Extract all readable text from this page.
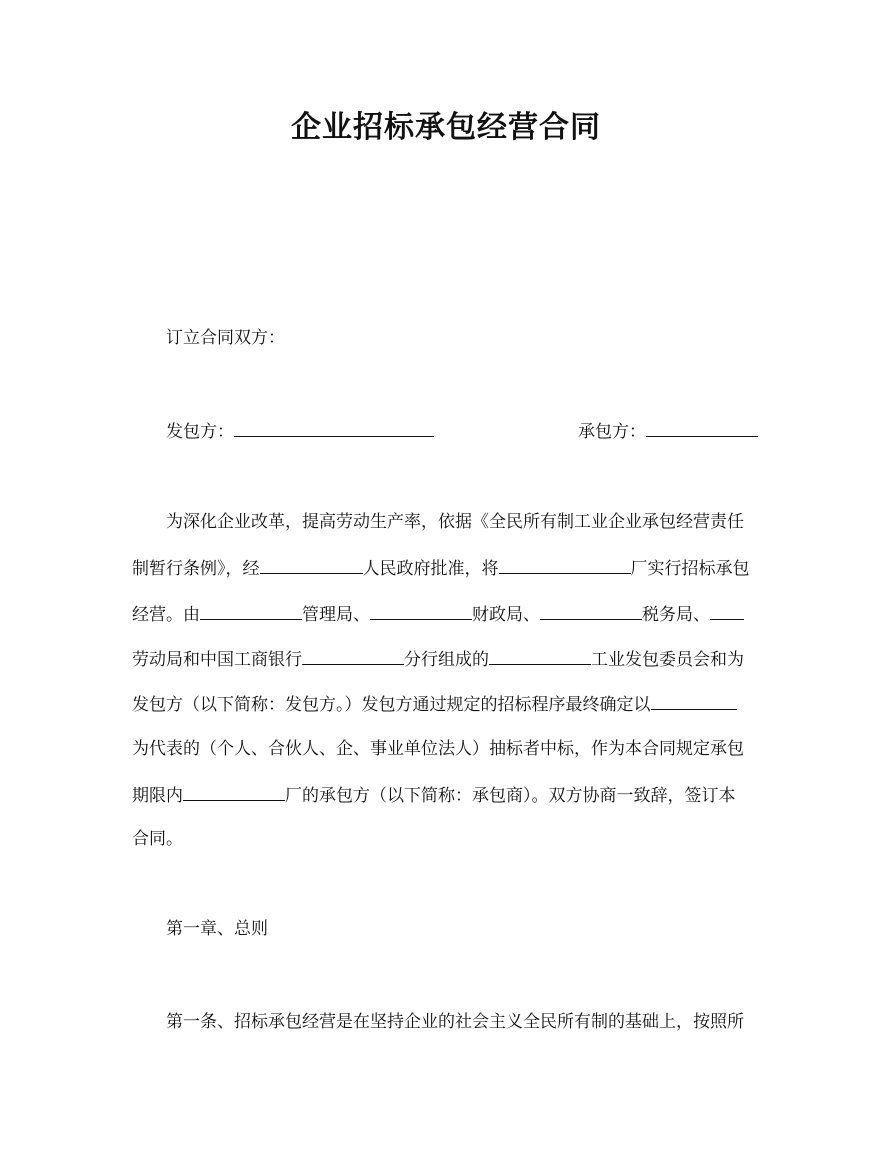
企业招标承包经营合同
订立合同双方：
发包方：	承包方：
为深化企业改革，提高劳动生产率，依据《全民所有制工业企业承包经营责任
制暂行条例》，经	人民政府批准，将	厂实行招标承包
经营。由	管理局、	财政局、	税务局、
劳动局和中国工商银行	分行组成的	工业发包委员会和为
发包方（以下简称：发包方。）发包方通过规定的招标程序最终确定以
为代表的（个人、合伙人、企、事业单位法人）抽标者中标，作为本合同规定承包
期限内	厂的承包方（以下简称：承包商）。双方协商一致辞，签订本
合同。
第一章、总则
第一条、招标承包经营是在坚持企业的社会主义全民所有制的基础上，按照所
